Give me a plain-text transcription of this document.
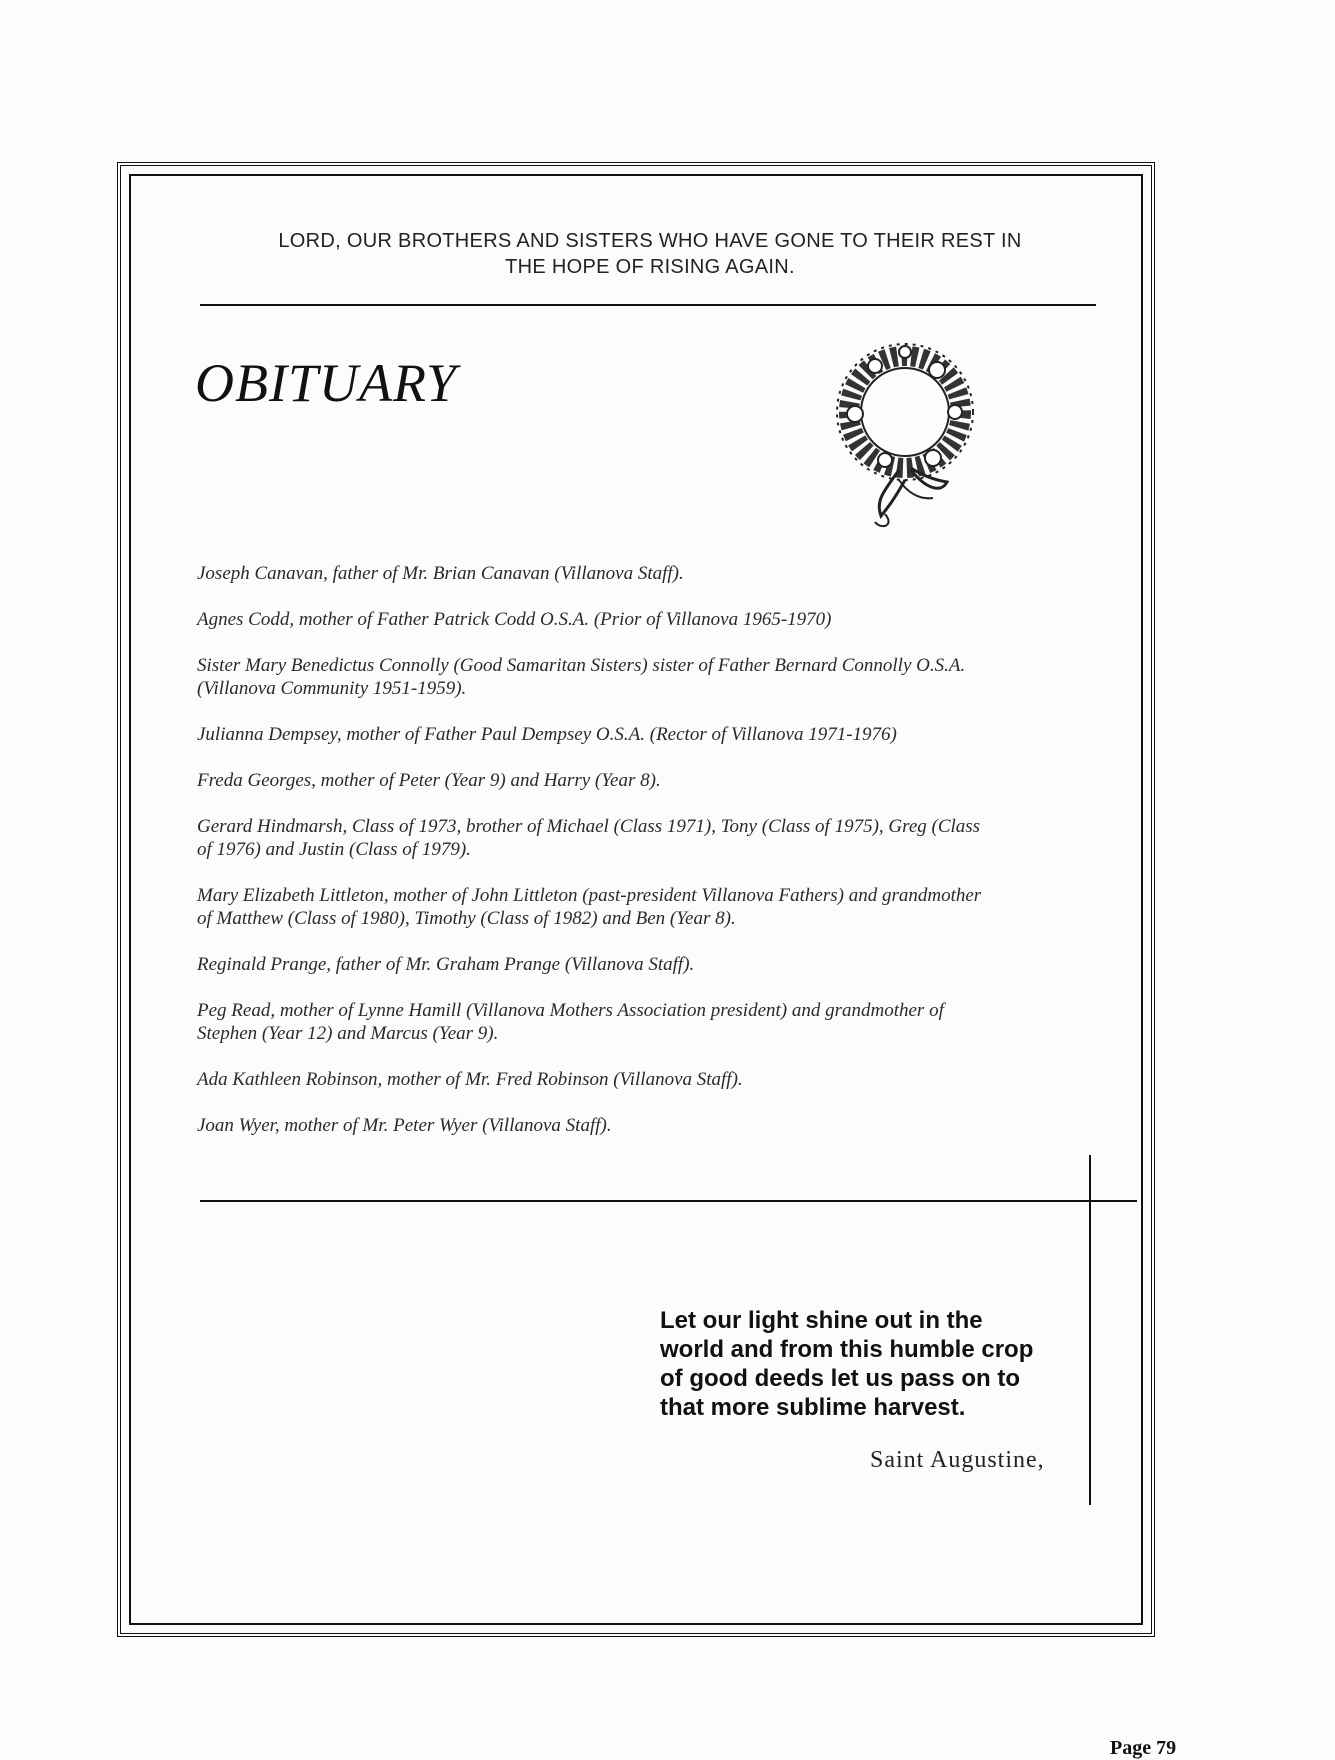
LORD, OUR BROTHERS AND SISTERS WHO HAVE GONE TO THEIR REST IN
THE HOPE OF RISING AGAIN.
OBITUARY
Joseph Canavan, father of Mr. Brian Canavan (Villanova Staff).
Agnes Codd, mother of Father Patrick Codd O.S.A. (Prior of Villanova 1965-1970)
Sister Mary Benedictus Connolly (Good Samaritan Sisters) sister of Father Bernard Connolly O.S.A.
(Villanova Community 1951-1959).
Julianna Dempsey, mother of Father Paul Dempsey O.S.A. (Rector of Villanova 1971-1976)
Freda Georges, mother of Peter (Year 9) and Harry (Year 8).
Gerard Hindmarsh, Class of 1973, brother of Michael (Class 1971), Tony (Class of 1975), Greg (Class
of 1976) and Justin (Class of 1979).
Mary Elizabeth Littleton, mother of John Littleton (past-president Villanova Fathers) and grandmother
of Matthew (Class of 1980), Timothy (Class of 1982) and Ben (Year 8).
Reginald Prange, father of Mr. Graham Prange (Villanova Staff).
Peg Read, mother of Lynne Hamill (Villanova Mothers Association president) and grandmother of
Stephen (Year 12) and Marcus (Year 9).
Ada Kathleen Robinson, mother of Mr. Fred Robinson (Villanova Staff).
Joan Wyer, mother of Mr. Peter Wyer (Villanova Staff).
Let our light shine out in the
world and from this humble crop
of good deeds let us pass on to
that more sublime harvest.
Saint Augustine,
Page 79
